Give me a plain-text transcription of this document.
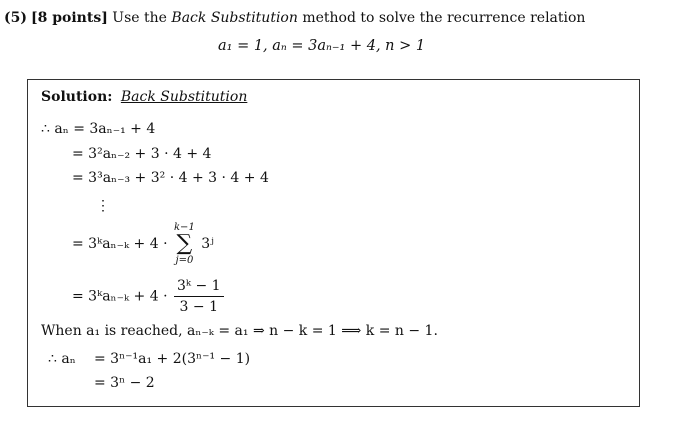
(5) [8 points] Use the Back Substitution method to solve the recurrence relation
a₁ = 1, aₙ = 3aₙ₋₁ + 4, n > 1
Solution: Back Substitution
∴ aₙ = 3aₙ₋₁ + 4
= 3²aₙ₋₂ + 3 · 4 + 4
= 3³aₙ₋₃ + 3² · 4 + 3 · 4 + 4
⋮
= 3ᵏaₙ₋ₖ + 4 ·
k−1
∑
j=0
3ʲ
= 3ᵏaₙ₋ₖ + $4 \cdot \frac{\text{3ᵏ − 1}}{3 - 1}$
When a₁ is reached, aₙ₋ₖ = a₁ ⇒ n − k = 1 ⟹ k = n − 1.
∴ aₙ = 3ⁿ⁻¹a₁ + 2(3ⁿ⁻¹ − 1)
= 3ⁿ − 2
